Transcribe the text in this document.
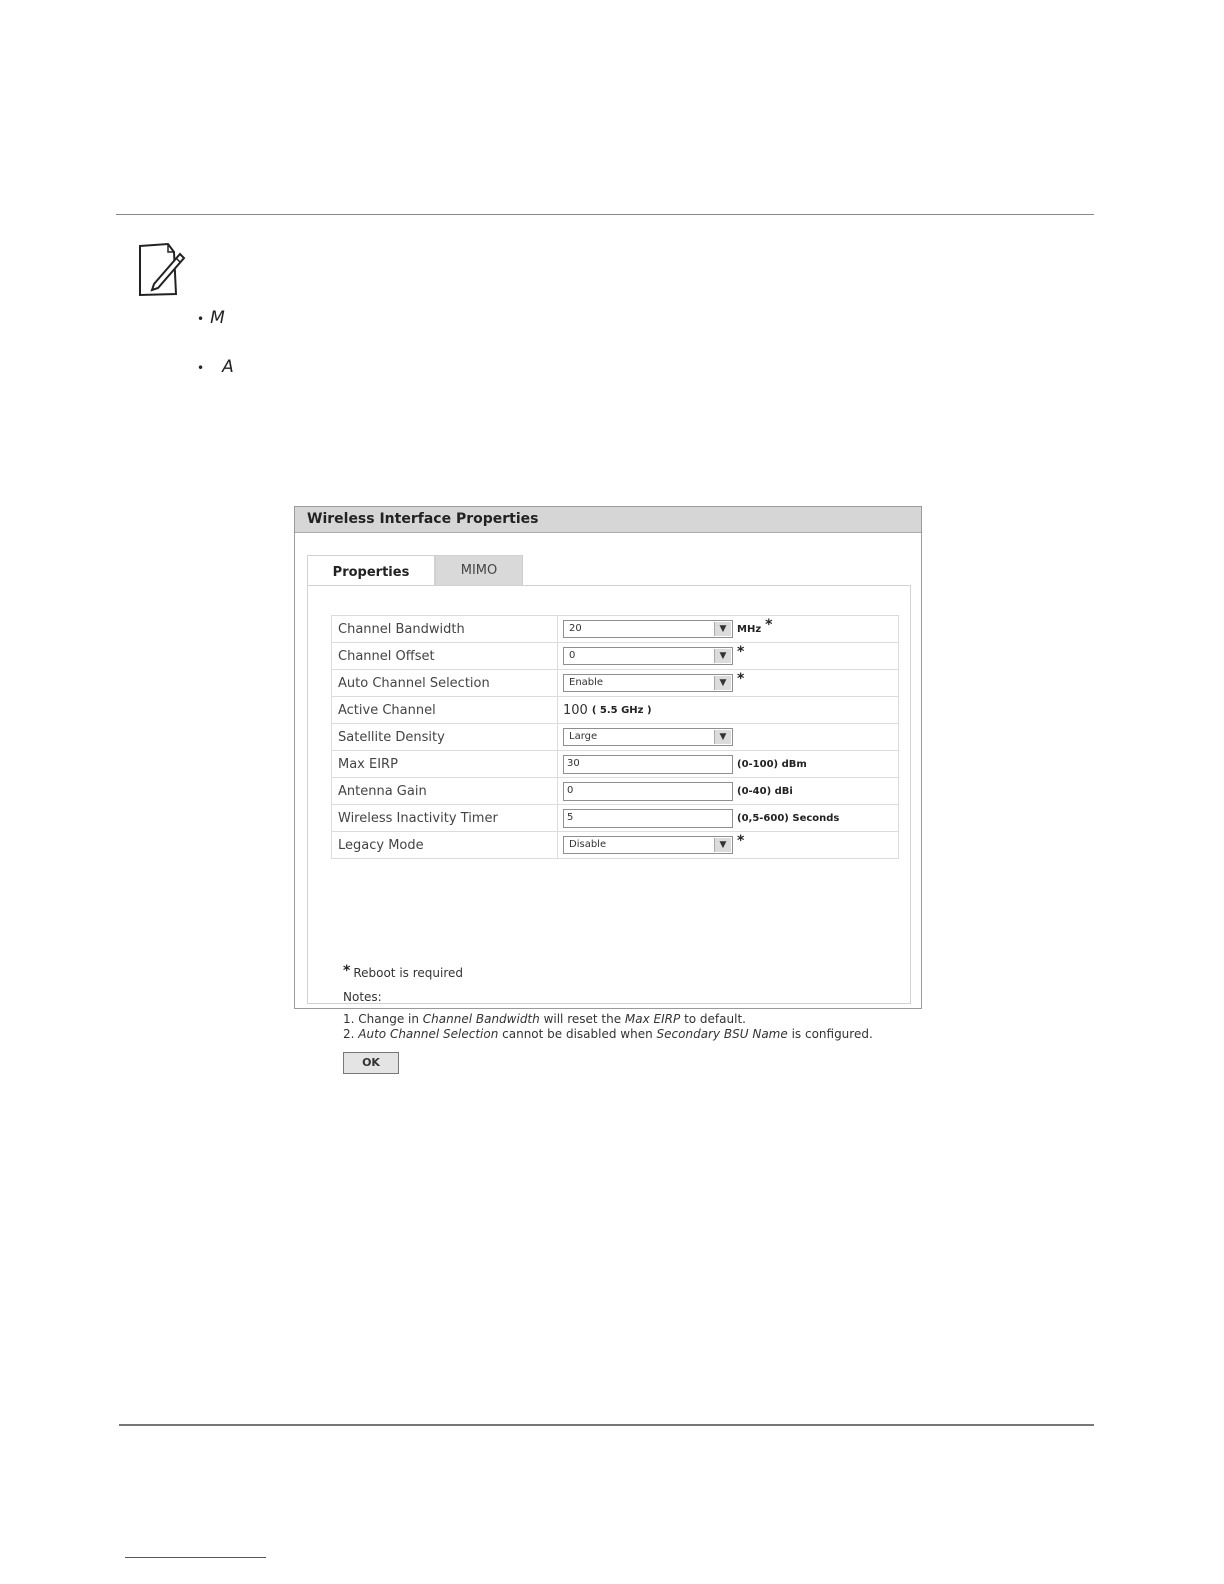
• M
• A
Wireless Interface Properties
Properties	MIMO
Channel Bandwidth	20 ▼ MHz *
Channel Offset	0 ▼ *
Auto Channel Selection	Enable ▼ *
Active Channel	100 ( 5.5 GHz )
Satellite Density	Large ▼

Max EIRP	30 (0-100) dBm
Antenna Gain	0 (0-40) dBi
Wireless Inactivity Timer	5 (0,5-600) Seconds
Legacy Mode	Disable ▼ *
* Reboot is required
Notes:
1. Change in Channel Bandwidth will reset the Max EIRP to default.
2. Auto Channel Selection cannot be disabled when Secondary BSU Name is configured.
OK
